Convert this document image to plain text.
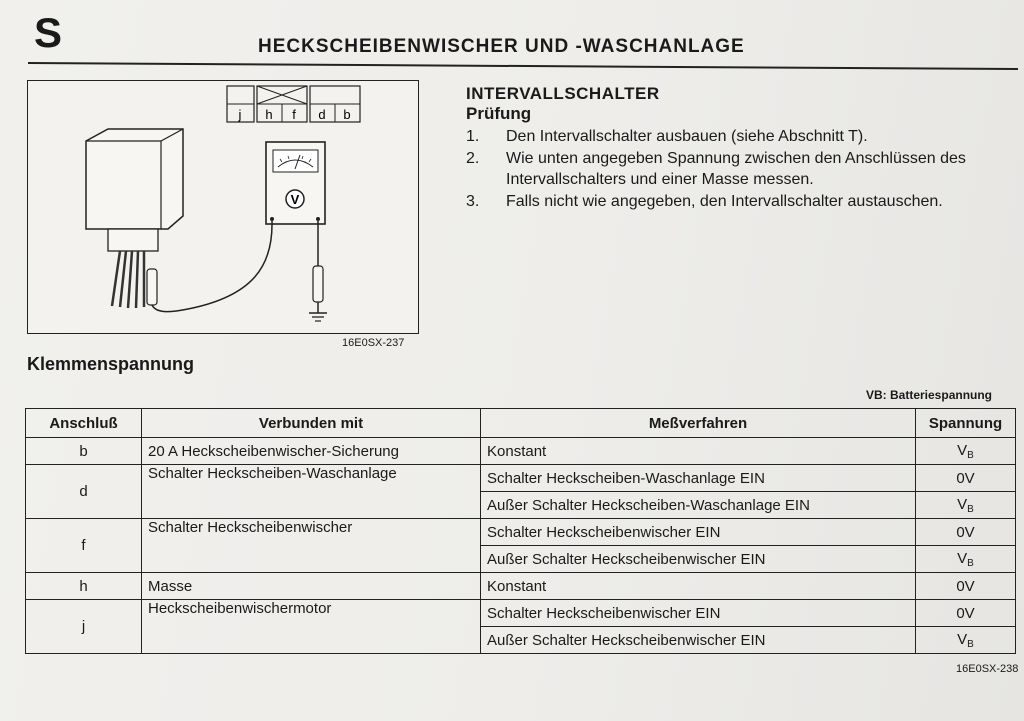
S	HECKSCHEIBENWISCHER UND -WASCHANLAGE
j h f d b
V
16E0SX-237
INTERVALLSCHALTER
Prüfung
1.	Den Intervallschalter ausbauen (siehe Abschnitt T).
2.	Wie unten angegeben Spannung zwischen den Anschlüssen des Intervallschalters und einer Masse messen.
3.	Falls nicht wie angegeben, den Intervallschalter austauschen.
Klemmenspannung
VB: Batteriespannung
Anschluß	Verbunden mit	Meßverfahren	Spannung
b	20 A Heckscheibenwischer-Sicherung	Konstant	$V_B$
d	Schalter Heckscheiben-Waschanlage	Schalter Heckscheiben-Waschanlage EIN	0V
		Außer Schalter Heckscheiben-Waschanlage EIN	$V_B$
f	Schalter Heckscheibenwischer	Schalter Heckscheibenwischer EIN	0V
		Außer Schalter Heckscheibenwischer EIN	$V_B$
h	Masse	Konstant	0V
j	Heckscheibenwischermotor	Schalter Heckscheibenwischer EIN	0V
		Außer Schalter Heckscheibenwischer EIN	$V_B$
16E0SX-238
